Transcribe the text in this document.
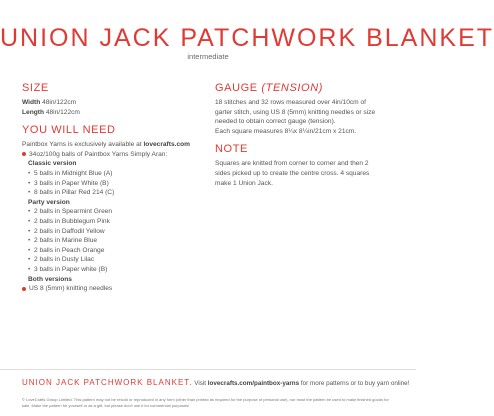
UNION JACK PATCHWORK BLANKET
intermediate
SIZE
Width 48in/122cm
Length 48in/122cm
YOU WILL NEED
Paintbox Yarns is exclusively available at lovecrafts.com
34oz/100g balls of Paintbox Yarns Simply Aran:
Classic version
• 5 balls in Midnight Blue (A)
• 3 balls in Paper White (B)
• 8 balls in Pillar Red 214 (C)
Party version
• 2 balls in Spearmint Green
• 2 balls in Bubblegum Pink
• 2 balls in Daffodil Yellow
• 2 balls in Marine Blue
• 2 balls in Peach Orange
• 2 balls in Dusty Lilac
• 3 balls in Paper white (B)
Both versions
US 8 (5mm) knitting needles
GAUGE (TENSION)
18 stitches and 32 rows measured over 4in/10cm of
garter stitch, using US 8 (5mm) knitting needles or size
needed to obtain correct gauge (tension).
Each square measures 8¼x 8¼in/21cm x 21cm.
NOTE
Squares are knitted from corner to corner and then 2
sides picked up to create the centre cross. 4 squares
make 1 Union Jack.
UNION JACK PATCHWORK BLANKET. Visit lovecrafts.com/paintbox-yarns for more patterns or to buy yarn online!
© LoveCrafts Group Limited. This pattern may not be resold or reproduced in any form (other than printed as required for the purpose of personal use), nor must the pattern be used to make finished goods for sale. Make the pattern for yourself or as a gift, but please don't use it for commercial purposes!
